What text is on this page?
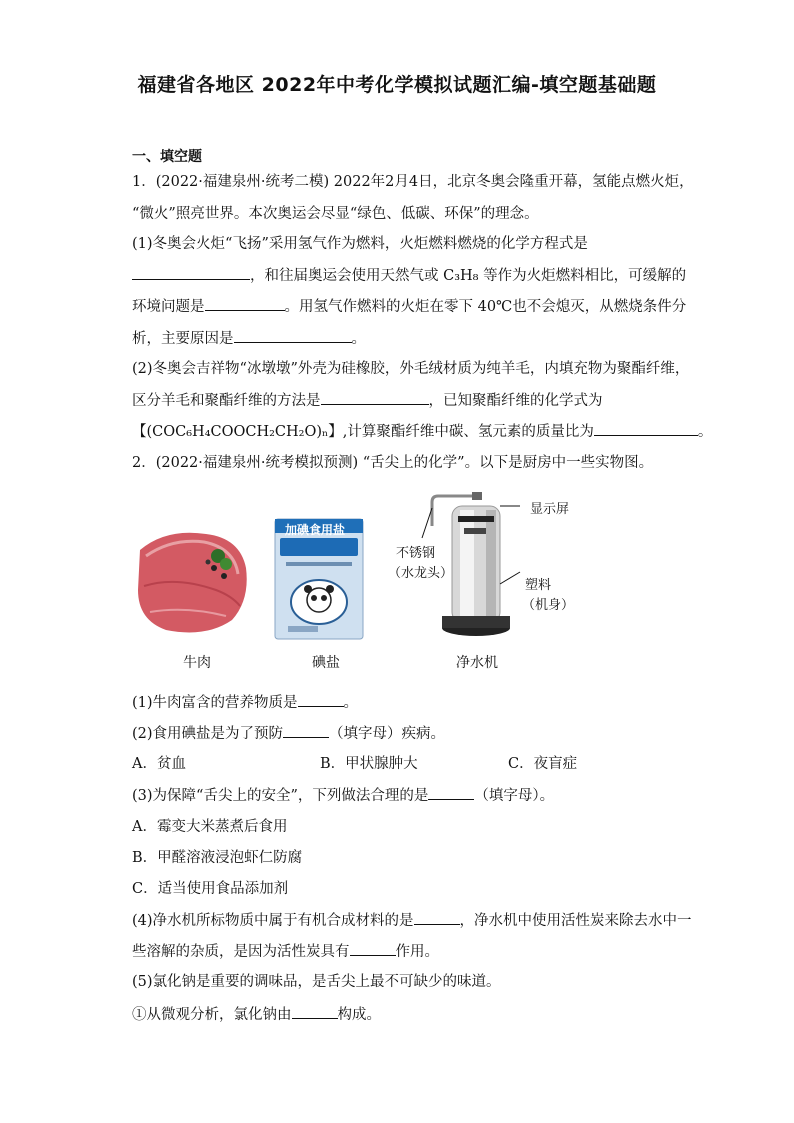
福建省各地区 2022年中考化学模拟试题汇编-填空题基础题
一、填空题
1．(2022·福建泉州·统考二模) 2022年2月4日，北京冬奥会隆重开幕，氢能点燃火炬，
“微火”照亮世界。本次奥运会尽显“绿色、低碳、环保”的理念。
(1)冬奥会火炬“飞扬”采用氢气作为燃料，火炬燃料燃烧的化学方程式是
，和往届奥运会使用天然气或 C₃H₈ 等作为火炬燃料相比，可缓解的
环境问题是	。用氢气作燃料的火炬在零下 40℃也不会熄灭，从燃烧条件分
析，主要原因是	。
(2)冬奥会吉祥物“冰墩墩”外壳为硅橡胶，外毛绒材质为纯羊毛，内填充物为聚酯纤维，
区分羊毛和聚酯纤维的方法是	，已知聚酯纤维的化学式为
【(COC₆H₄COOCH₂CH₂O)ₙ】,计算聚酯纤维中碳、氢元素的质量比为	。
2．(2022·福建泉州·统考模拟预测) “舌尖上的化学”。以下是厨房中一些实物图。
加碘食用盐
显示屏
不锈钢
（水龙头）
塑料
（机身）
牛肉	碘盐	净水机
(1)牛肉富含的营养物质是	。
(2)食用碘盐是为了预防	（填字母）疾病。
A．贫血	B．甲状腺肿大	C．夜盲症
(3)为保障“舌尖上的安全”，下列做法合理的是	（填字母）。
A．霉变大米蒸煮后食用
B．甲醛溶液浸泡虾仁防腐
C．适当使用食品添加剂
(4)净水机所标物质中属于有机合成材料的是	，净水机中使用活性炭来除去水中一
些溶解的杂质，是因为活性炭具有	作用。
(5)氯化钠是重要的调味品，是舌尖上最不可缺少的味道。
①从微观分析，氯化钠由	构成。
